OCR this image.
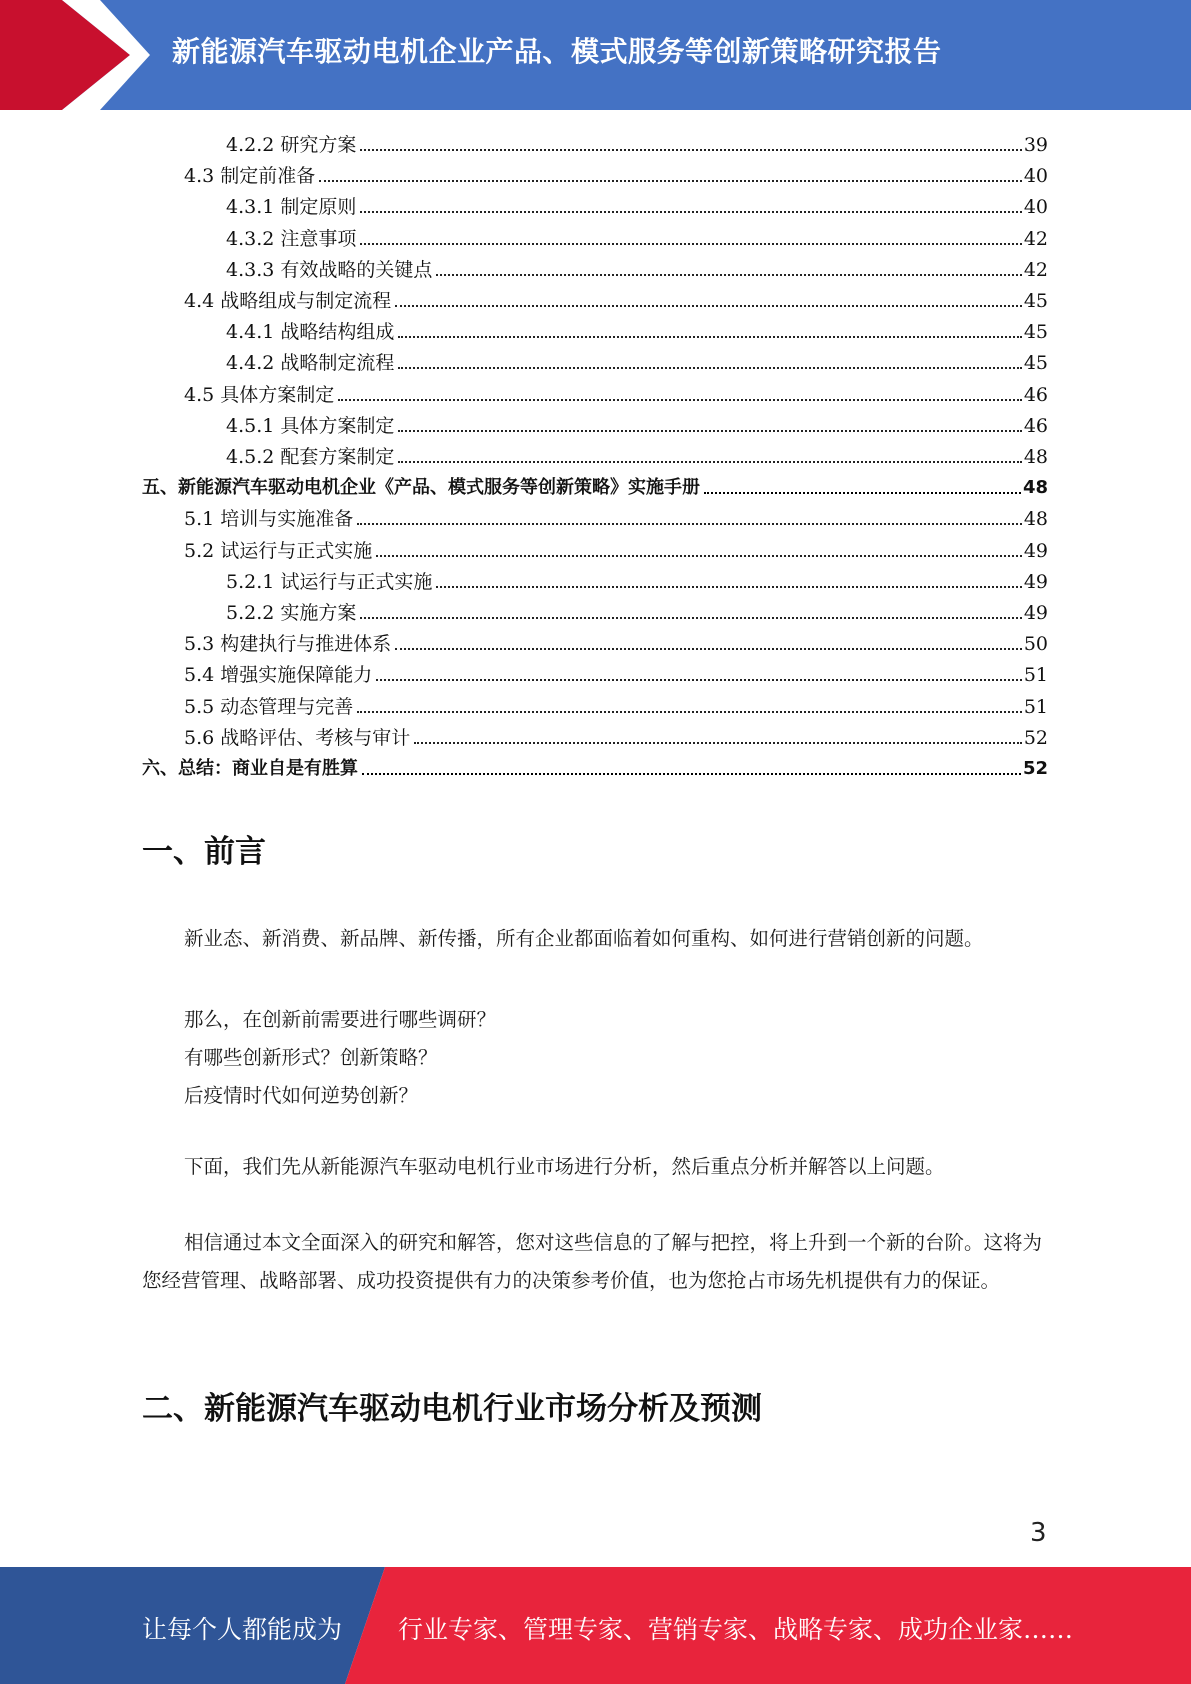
新能源汽车驱动电机企业产品、模式服务等创新策略研究报告
4.2.2 研究方案	39
4.3 制定前准备	40
4.3.1 制定原则	40
4.3.2 注意事项	42
4.3.3 有效战略的关键点	42
4.4 战略组成与制定流程	45
4.4.1 战略结构组成	45
4.4.2 战略制定流程	45
4.5 具体方案制定	46
4.5.1 具体方案制定	46
4.5.2 配套方案制定	48
五、新能源汽车驱动电机企业《产品、模式服务等创新策略》实施手册	48
5.1 培训与实施准备	48
5.2 试运行与正式实施	49
5.2.1 试运行与正式实施	49
5.2.2 实施方案	49
5.3 构建执行与推进体系	50
5.4 增强实施保障能力	51
5.5 动态管理与完善	51
5.6 战略评估、考核与审计	52
六、总结：商业自是有胜算	52
一、前言

新业态、新消费、新品牌、新传播，所有企业都面临着如何重构、如何进行营销创新的问题。

那么，在创新前需要进行哪些调研？
有哪些创新形式？创新策略？
后疫情时代如何逆势创新？

下面，我们先从新能源汽车驱动电机行业市场进行分析，然后重点分析并解答以上问题。

相信通过本文全面深入的研究和解答，您对这些信息的了解与把控，将上升到一个新的台阶。这将为您经营管理、战略部署、成功投资提供有力的决策参考价值，也为您抢占市场先机提供有力的保证。

二、新能源汽车驱动电机行业市场分析及预测
3
让每个人都能成为 行业专家、管理专家、营销专家、战略专家、成功企业家……
